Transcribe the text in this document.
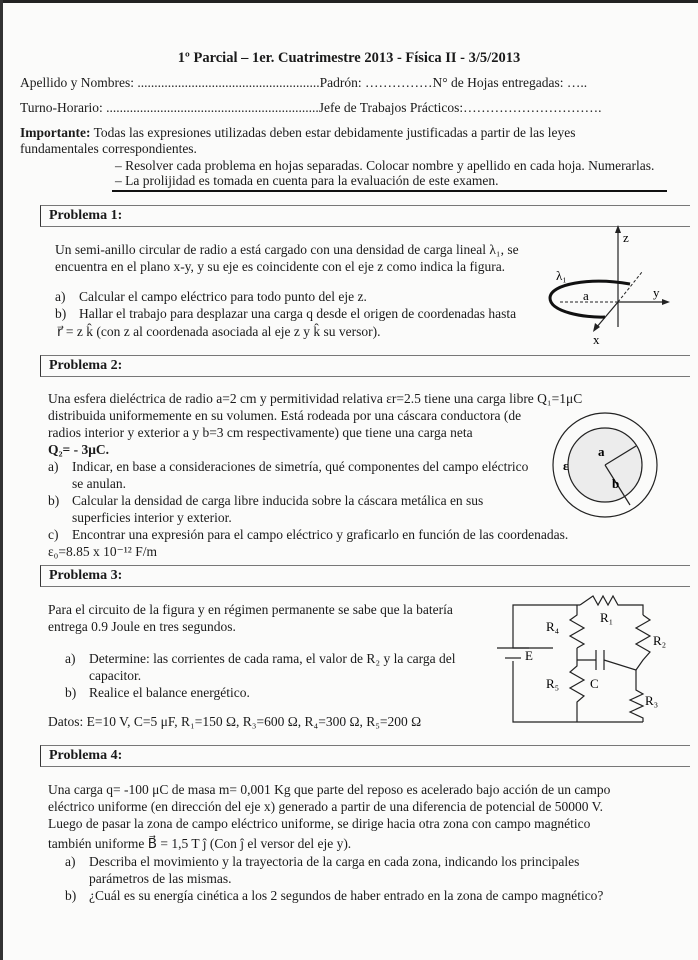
1º Parcial – 1er. Cuatrimestre 2013 - Física II - 3/5/2013
Apellido y Nombres: ......................................................Padrón: ……………N° de Hojas entregadas: …..
Turno-Horario: ...............................................................Jefe de Trabajos Prácticos:………………………….
Importante: Todas las expresiones utilizadas deben estar debidamente justificadas a partir de las leyes
fundamentales correspondientes.
– Resolver cada problema en hojas separadas. Colocar nombre y apellido en cada hoja. Numerarlas.
– La prolijidad es tomada en cuenta para la evaluación de este examen.
Problema 1:
Un semi-anillo circular de radio a está cargado con una densidad de carga lineal λ₁, se
encuentra en el plano x-y, y su eje es coincidente con el eje z como indica la figura.
a) Calcular el campo eléctrico para todo punto del eje z.
b) Hallar el trabajo para desplazar una carga q desde el origen de coordenadas hasta
r⃗ = z k̂ (con z al coordenada asociada al eje z y k̂ su versor).
z
y
x
λ₁
a
Problema 2:
Una esfera dieléctrica de radio a=2 cm y permitividad relativa εr=2.5 tiene una carga libre Q₁=1μC
distribuida uniformemente en su volumen. Está rodeada por una cáscara conductora (de
radios interior y exterior a y b=3 cm respectivamente) que tiene una carga neta
Q₂= - 3μC.
a) Indicar, en base a consideraciones de simetría, qué componentes del campo eléctrico
se anulan.
b) Calcular la densidad de carga libre inducida sobre la cáscara metálica en sus
superficies interior y exterior.
c) Encontrar una expresión para el campo eléctrico y graficarlo en función de las coordenadas.
ε₀=8.85 x 10⁻¹² F/m
a
b
ε
Problema 3:
Para el circuito de la figura y en régimen permanente se sabe que la batería
entrega 0.9 Joule en tres segundos.
a) Determine: las corrientes de cada rama, el valor de R₂ y la carga del
capacitor.
b) Realice el balance energético.
Datos: E=10 V, C=5 μF, R₁=150 Ω, R₃=600 Ω, R₄=300 Ω, R₅=200 Ω
R₁
R₂
R₃
R₄
R₅
E
C
Problema 4:
Una carga q= -100 μC de masa m= 0,001 Kg que parte del reposo es acelerado bajo acción de un campo
eléctrico uniforme (en dirección del eje x) generado a partir de una diferencia de potencial de 50000 V.
Luego de pasar la zona de campo eléctrico uniforme, se dirige hacia otra zona con campo magnético
también uniforme B⃗ = 1,5 T ĵ (Con ĵ el versor del eje y).
a) Describa el movimiento y la trayectoria de la carga en cada zona, indicando los principales
parámetros de las mismas.
b) ¿Cuál es su energía cinética a los 2 segundos de haber entrado en la zona de campo magnético?
